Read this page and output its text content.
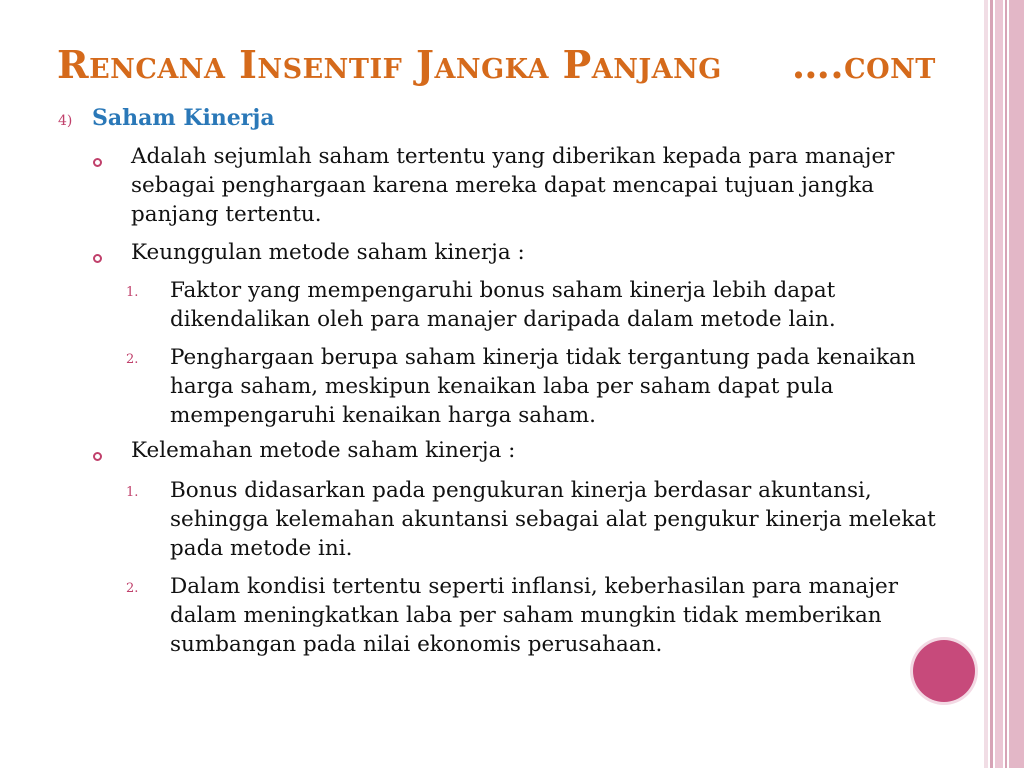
Rencana Insentif Jangka Panjang ….cont
4) Saham Kinerja
Adalah sejumlah saham tertentu yang diberikan kepada para manajer sebagai penghargaan karena mereka dapat mencapai tujuan jangka panjang tertentu.
Keunggulan metode saham kinerja :
1. Faktor yang mempengaruhi bonus saham kinerja lebih dapat dikendalikan oleh para manajer daripada dalam metode lain.
2. Penghargaan berupa saham kinerja tidak tergantung pada kenaikan harga saham, meskipun kenaikan laba per saham dapat pula mempengaruhi kenaikan harga saham.
Kelemahan metode saham kinerja :
1. Bonus didasarkan pada pengukuran kinerja berdasar akuntansi, sehingga kelemahan akuntansi sebagai alat pengukur kinerja melekat pada metode ini.
2. Dalam kondisi tertentu seperti inflansi, keberhasilan para manajer dalam meningkatkan laba per saham mungkin tidak memberikan sumbangan pada nilai ekonomis perusahaan.
